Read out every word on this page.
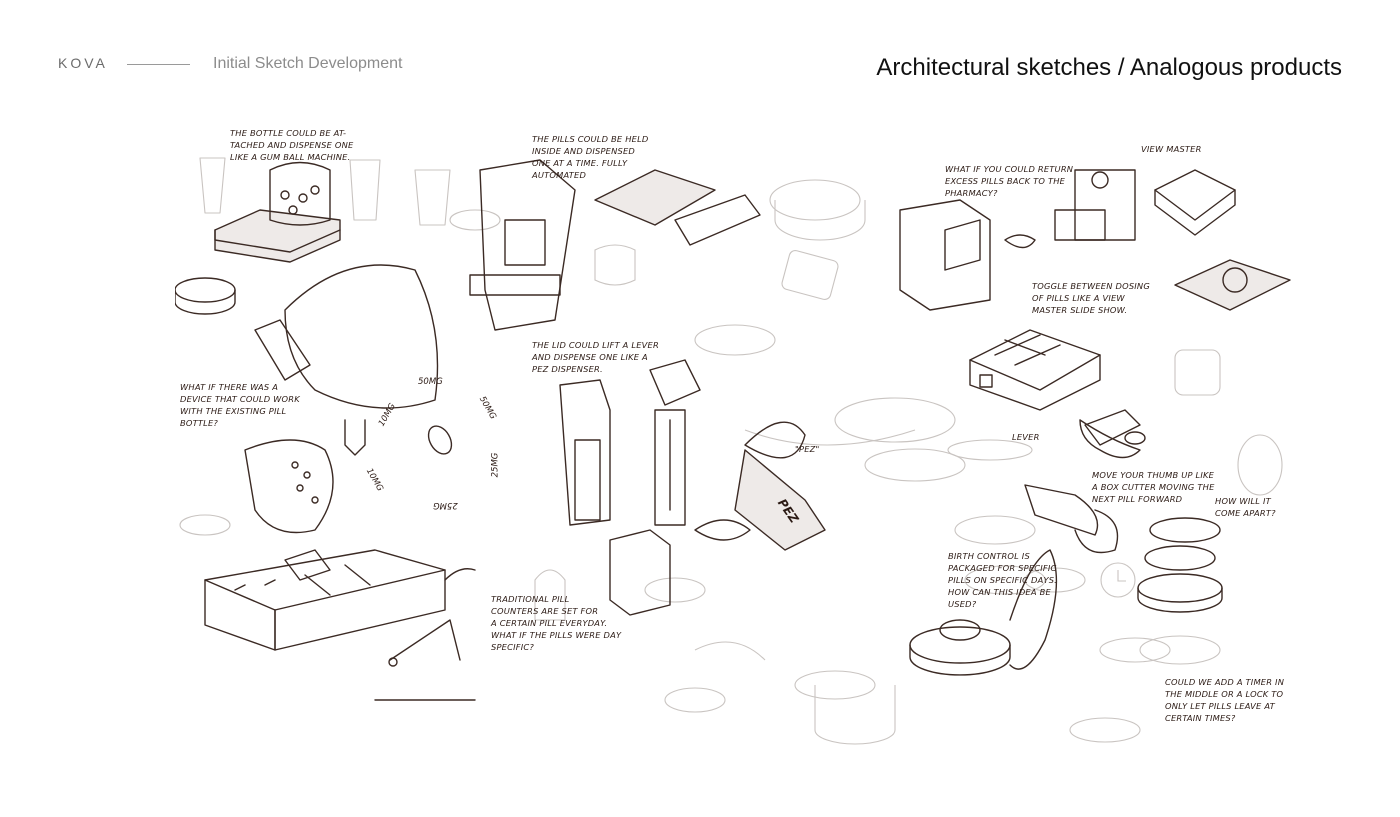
KOVA	Initial Sketch Development	Architectural sketches / Analogous products
THE BOTTLE COULD BE AT-
TACHED AND DISPENSE ONE
LIKE A GUM BALL MACHINE.
THE PILLS COULD BE HELD
INSIDE AND DISPENSED
ONE AT A TIME. FULLY
AUTOMATED
WHAT IF YOU COULD RETURN
EXCESS PILLS BACK TO THE
PHARMACY?
VIEW MASTER
TOGGLE BETWEEN DOSING
OF PILLS LIKE A VIEW
MASTER SLIDE SHOW.
WHAT IF THERE WAS A
DEVICE THAT COULD WORK
WITH THE EXISTING PILL
BOTTLE?
THE LID COULD LIFT A LEVER
AND DISPENSE ONE LIKE A
PEZ DISPENSER.
"PEZ"
PEZ
LEVER
MOVE YOUR THUMB UP LIKE
A BOX CUTTER MOVING THE
NEXT PILL FORWARD	HOW WILL IT
COME APART?
BIRTH CONTROL IS
PACKAGED FOR SPECIFIC
PILLS ON SPECIFIC DAYS.
HOW CAN THIS IDEA BE
USED?
TRADITIONAL PILL
COUNTERS ARE SET FOR
A CERTAIN PILL EVERYDAY.
WHAT IF THE PILLS WERE DAY
SPECIFIC?
COULD WE ADD A TIMER IN
THE MIDDLE OR A LOCK TO
ONLY LET PILLS LEAVE AT
CERTAIN TIMES?
50MG
50MG
10MG
10MG
25MG
25MG
